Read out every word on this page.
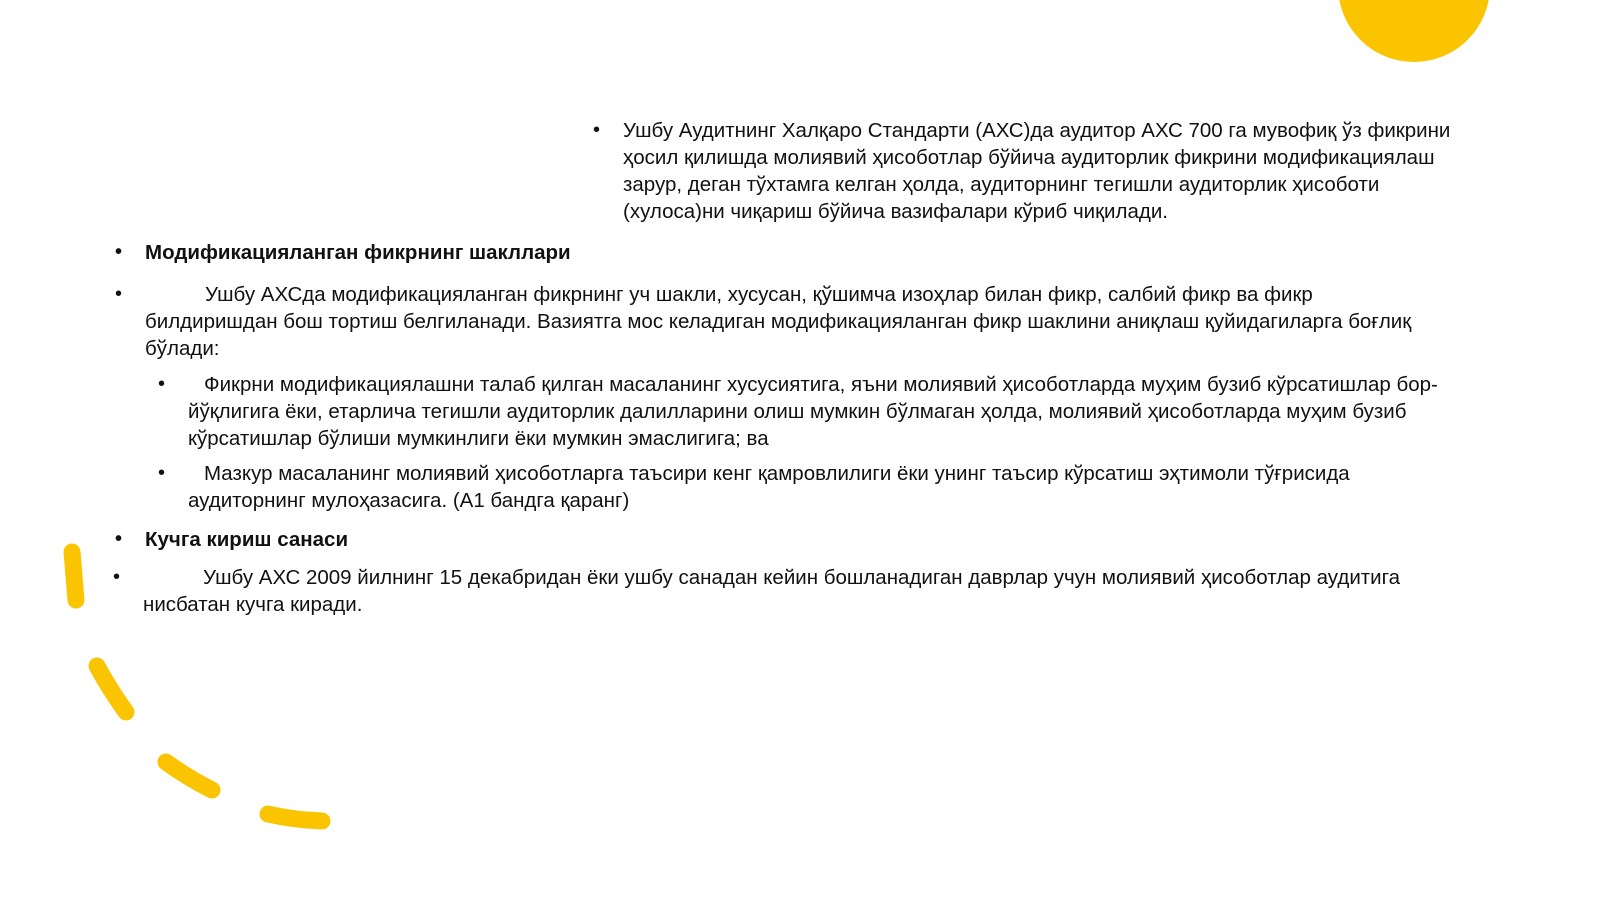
• Ушбу Аудитнинг Халқаро Стандарти (АХС)да аудитор АХС 700 га мувофиқ ўз фикрини ҳосил қилишда молиявий ҳисоботлар бўйича аудиторлик фикрини модификациялаш зарур, деган тўхтамга келган ҳолда, аудиторнинг тегишли аудиторлик ҳисоботи (хулоса)ни чиқариш бўйича вазифалари кўриб чиқилади.
• Модификацияланган фикрнинг шакллари
•	Ушбу АХСда модификацияланган фикрнинг уч шакли, хусусан, қўшимча изоҳлар билан фикр, салбий фикр ва фикр билдиришдан бош тортиш белгиланади. Вазиятга мос келадиган модификацияланган фикр шаклини аниқлаш қуйидагиларга боғлиқ бўлади:
•	Фикрни модификациялашни талаб қилган масаланинг хусусиятига, яъни молиявий ҳисоботларда муҳим бузиб кўрсатишлар бор-йўқлигига ёки, етарлича тегишли аудиторлик далилларини олиш мумкин бўлмаган ҳолда, молиявий ҳисоботларда муҳим бузиб кўрсатишлар бўлиши мумкинлиги ёки мумкин эмаслигига; ва
•	Мазкур масаланинг молиявий ҳисоботларга таъсири кенг қамровлилиги ёки унинг таъсир кўрсатиш эҳтимоли тўғрисида аудиторнинг мулоҳазасига. (А1 бандга қаранг)
• Кучга кириш санаси
•	Ушбу АХС 2009 йилнинг 15 декабридан ёки ушбу санадан кейин бошланадиган даврлар учун молиявий ҳисоботлар аудитига нисбатан кучга киради.
